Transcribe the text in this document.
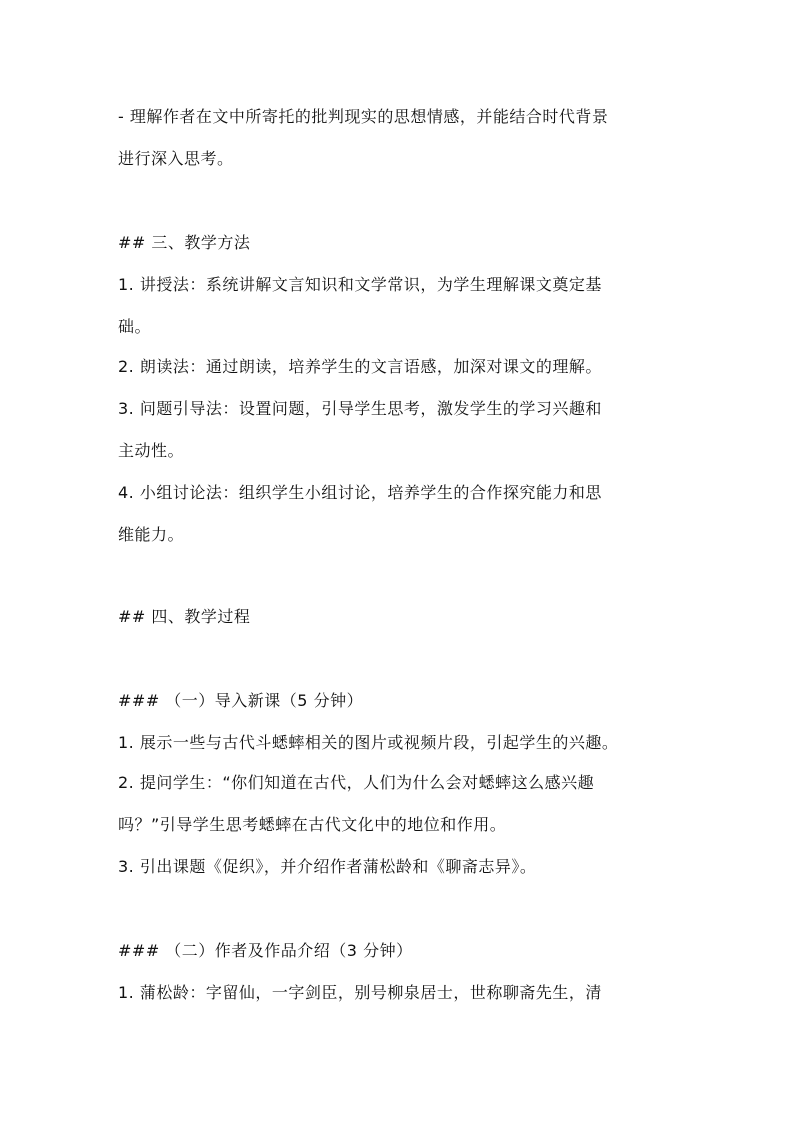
- 理解作者在文中所寄托的批判现实的思想情感，并能结合时代背景
进行深入思考。
## 三、教学方法
1. 讲授法：系统讲解文言知识和文学常识，为学生理解课文奠定基
础。
2. 朗读法：通过朗读，培养学生的文言语感，加深对课文的理解。
3. 问题引导法：设置问题，引导学生思考，激发学生的学习兴趣和
主动性。
4. 小组讨论法：组织学生小组讨论，培养学生的合作探究能力和思
维能力。
## 四、教学过程
### （一）导入新课（5 分钟）
1. 展示一些与古代斗蟋蟀相关的图片或视频片段，引起学生的兴趣。
2. 提问学生：“你们知道在古代，人们为什么会对蟋蟀这么感兴趣
吗？”引导学生思考蟋蟀在古代文化中的地位和作用。
3. 引出课题《促织》，并介绍作者蒲松龄和《聊斋志异》。
### （二）作者及作品介绍（3 分钟）
1. 蒲松龄：字留仙，一字剑臣，别号柳泉居士，世称聊斋先生，清
